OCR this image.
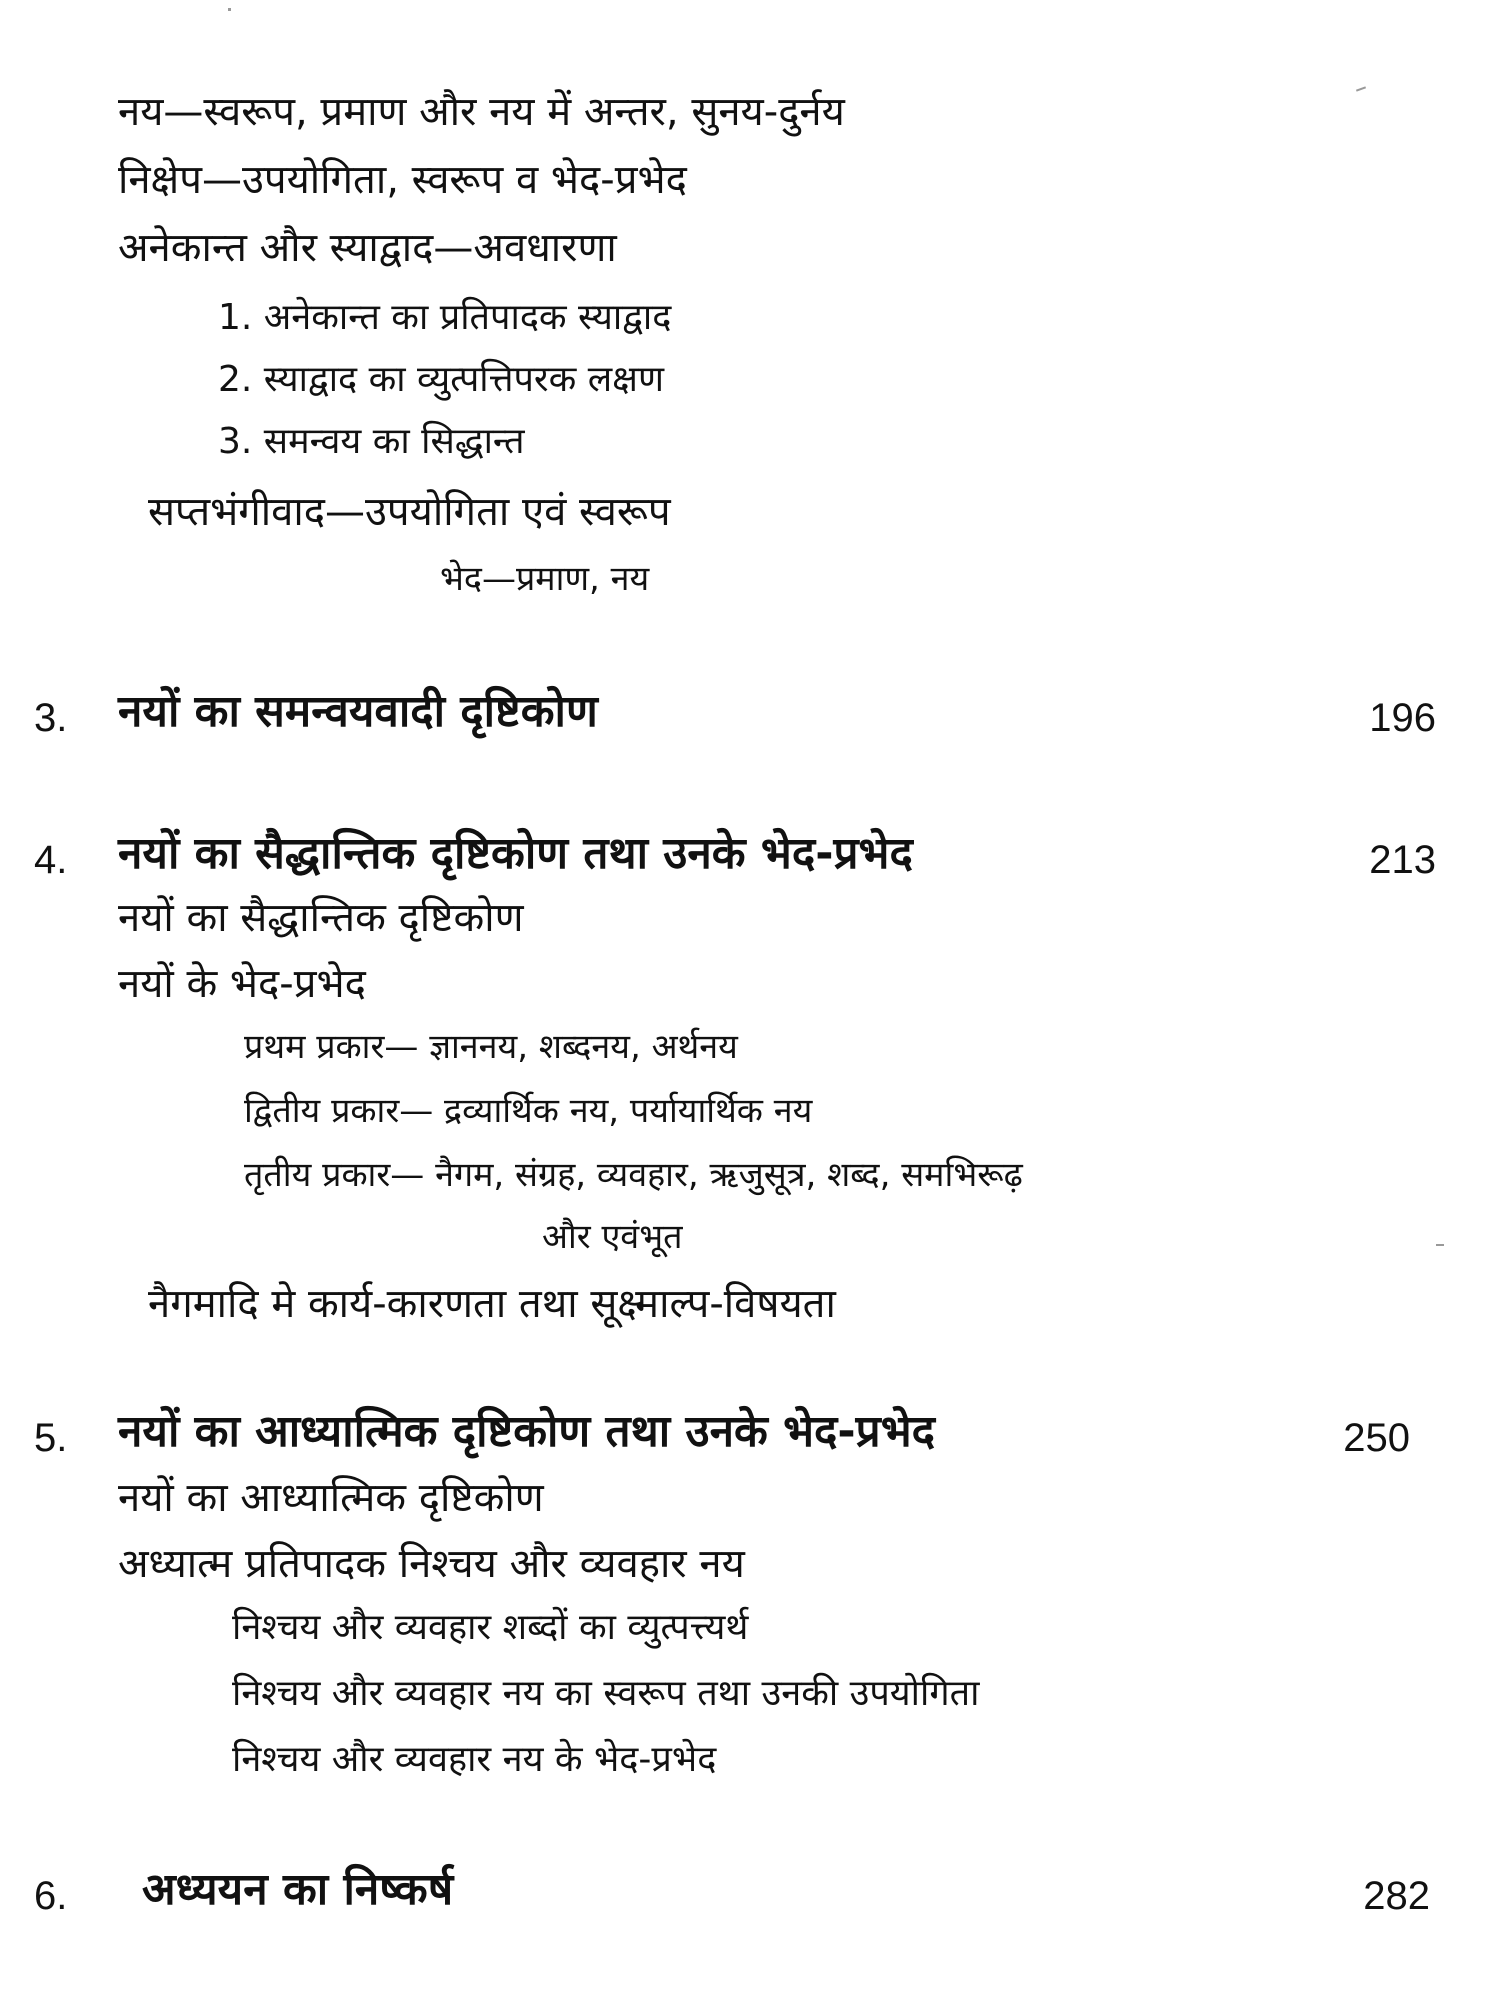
नय—स्वरूप, प्रमाण और नय में अन्तर, सुनय-दुर्नय
निक्षेप—उपयोगिता, स्वरूप व भेद-प्रभेद
अनेकान्त और स्याद्वाद—अवधारणा
1. अनेकान्त का प्रतिपादक स्याद्वाद
2. स्याद्वाद का व्युत्पत्तिपरक लक्षण
3. समन्वय का सिद्धान्त
सप्तभंगीवाद—उपयोगिता एवं स्वरूप
भेद—प्रमाण, नय
3. नयों का समन्वयवादी दृष्टिकोण	196
4. नयों का सैद्धान्तिक दृष्टिकोण तथा उनके भेद-प्रभेद	213
नयों का सैद्धान्तिक दृष्टिकोण
नयों के भेद-प्रभेद
प्रथम प्रकार— ज्ञाननय, शब्दनय, अर्थनय
द्वितीय प्रकार— द्रव्यार्थिक नय, पर्यायार्थिक नय
तृतीय प्रकार— नैगम, संग्रह, व्यवहार, ऋजुसूत्र, शब्द, समभिरूढ़
और एवंभूत
नैगमादि मे कार्य-कारणता तथा सूक्ष्माल्प-विषयता
5. नयों का आध्यात्मिक दृष्टिकोण तथा उनके भेद-प्रभेद	250
नयों का आध्यात्मिक दृष्टिकोण
अध्यात्म प्रतिपादक निश्चय और व्यवहार नय
निश्चय और व्यवहार शब्दों का व्युत्पत्त्यर्थ
निश्चय और व्यवहार नय का स्वरूप तथा उनकी उपयोगिता
निश्चय और व्यवहार नय के भेद-प्रभेद
6. अध्ययन का निष्कर्ष	282
